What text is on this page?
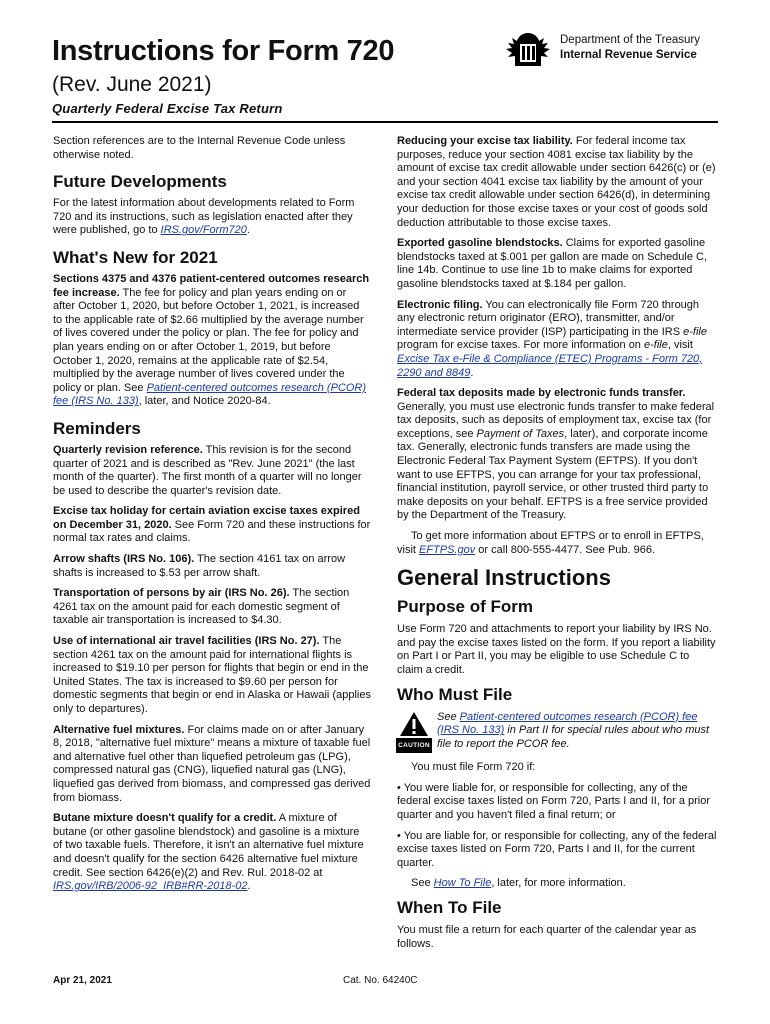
Instructions for Form 720
(Rev. June 2021)
Quarterly Federal Excise Tax Return
Department of the Treasury
Internal Revenue Service

Section references are to the Internal Revenue Code unless otherwise noted.

Future Developments

For the latest information about developments related to Form 720 and its instructions, such as legislation enacted after they were published, go to IRS.gov/Form720.

What's New for 2021

Sections 4375 and 4376 patient-centered outcomes research fee increase. The fee for policy and plan years ending on or after October 1, 2020, but before October 1, 2021, is increased to the applicable rate of $2.66 multiplied by the average number of lives covered under the policy or plan. The fee for policy and plan years ending on or after October 1, 2019, but before October 1, 2020, remains at the applicable rate of $2.54, multiplied by the average number of lives covered under the policy or plan. See Patient-centered outcomes research (PCOR) fee (IRS No. 133), later, and Notice 2020-84.

Reminders

Quarterly revision reference. This revision is for the second quarter of 2021 and is described as "Rev. June 2021" (the last month of the quarter). The first month of a quarter will no longer be used to describe the quarter's revision date.

Excise tax holiday for certain aviation excise taxes expired on December 31, 2020. See Form 720 and these instructions for normal tax rates and claims.

Arrow shafts (IRS No. 106). The section 4161 tax on arrow shafts is increased to $.53 per arrow shaft.

Transportation of persons by air (IRS No. 26). The section 4261 tax on the amount paid for each domestic segment of taxable air transportation is increased to $4.30.

Use of international air travel facilities (IRS No. 27). The section 4261 tax on the amount paid for international flights is increased to $19.10 per person for flights that begin or end in the United States. The tax is increased to $9.60 per person for domestic segments that begin or end in Alaska or Hawaii (applies only to departures).

Alternative fuel mixtures. For claims made on or after January 8, 2018, "alternative fuel mixture" means a mixture of taxable fuel and alternative fuel other than liquefied petroleum gas (LPG), compressed natural gas (CNG), liquefied natural gas (LNG), liquefied gas derived from biomass, and compressed gas derived from biomass.

Butane mixture doesn't qualify for a credit. A mixture of butane (or other gasoline blendstock) and gasoline is a mixture of two taxable fuels. Therefore, it isn't an alternative fuel mixture and doesn't qualify for the section 6426 alternative fuel mixture credit. See section 6426(e)(2) and Rev. Rul. 2018-02 at IRS.gov/IRB/2006-92_IRB#RR-2018-02.

Reducing your excise tax liability. For federal income tax purposes, reduce your section 4081 excise tax liability by the amount of excise tax credit allowable under section 6426(c) or (e) and your section 4041 excise tax liability by the amount of your excise tax credit allowable under section 6426(d), in determining your deduction for those excise taxes or your cost of goods sold deduction attributable to those excise taxes.

Exported gasoline blendstocks. Claims for exported gasoline blendstocks taxed at $.001 per gallon are made on Schedule C, line 14b. Continue to use line 1b to make claims for exported gasoline blendstocks taxed at $.184 per gallon.

Electronic filing. You can electronically file Form 720 through any electronic return originator (ERO), transmitter, and/or intermediate service provider (ISP) participating in the IRS e-file program for excise taxes. For more information on e-file, visit Excise Tax e-File & Compliance (ETEC) Programs - Form 720, 2290 and 8849.

Federal tax deposits made by electronic funds transfer. Generally, you must use electronic funds transfer to make federal tax deposits, such as deposits of employment tax, excise tax (for exceptions, see Payment of Taxes, later), and corporate income tax. Generally, electronic funds transfers are made using the Electronic Federal Tax Payment System (EFTPS). If you don't want to use EFTPS, you can arrange for your tax professional, financial institution, payroll service, or other trusted third party to make deposits on your behalf. EFTPS is a free service provided by the Department of the Treasury.

To get more information about EFTPS or to enroll in EFTPS, visit EFTPS.gov or call 800-555-4477. See Pub. 966.

General Instructions
Purpose of Form

Use Form 720 and attachments to report your liability by IRS No. and pay the excise taxes listed on the form. If you report a liability on Part I or Part II, you may be eligible to use Schedule C to claim a credit.

Who Must File
CAUTION
See Patient-centered outcomes research (PCOR) fee (IRS No. 133) in Part II for special rules about who must file to report the PCOR fee.

You must file Form 720 if:

• You were liable for, or responsible for collecting, any of the federal excise taxes listed on Form 720, Parts I and II, for a prior quarter and you haven't filed a final return; or

• You are liable for, or responsible for collecting, any of the federal excise taxes listed on Form 720, Parts I and II, for the current quarter.

See How To File, later, for more information.

When To File

You must file a return for each quarter of the calendar year as follows.

Apr 21, 2021	Cat. No. 64240C
